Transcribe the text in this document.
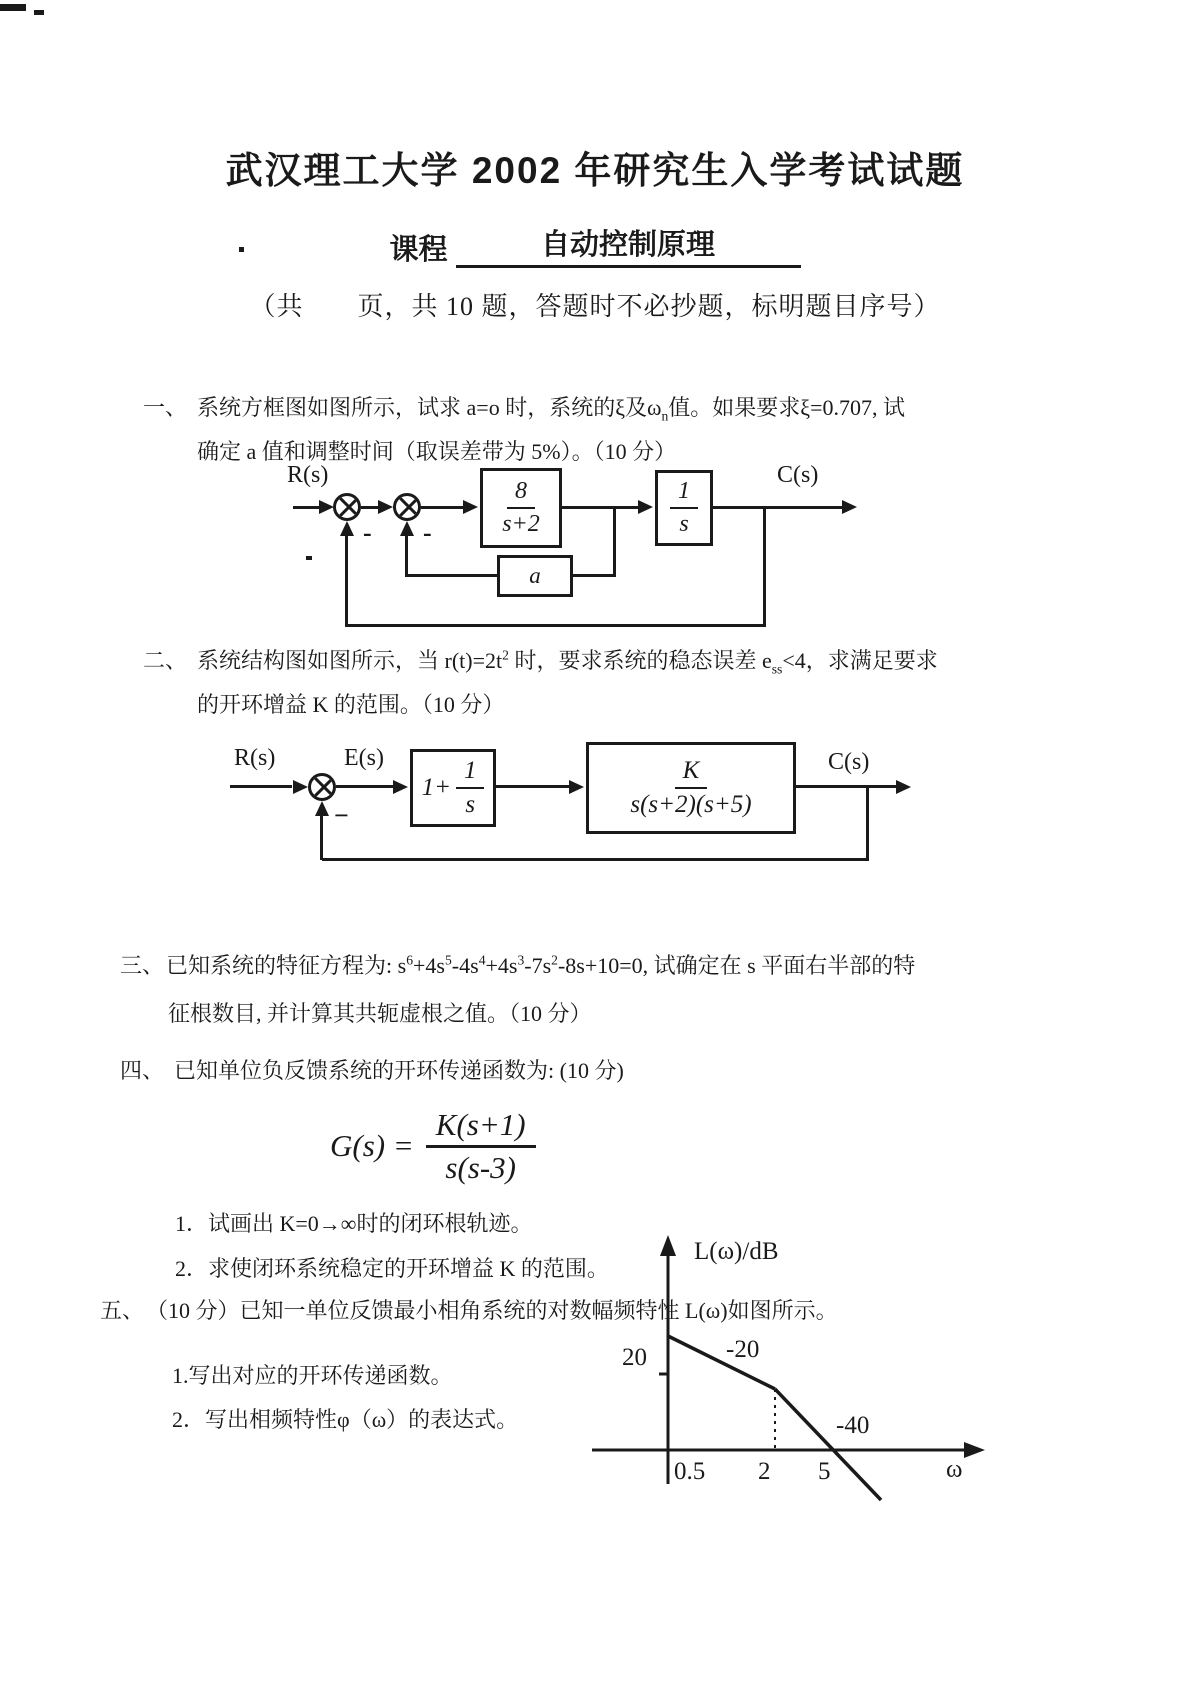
武汉理工大学 2002 年研究生入学考试试题
课程	自动控制原理
（共　　页，共 10 题，答题时不必抄题，标明题目序号）
一、 系统方框图如图所示，试求 a=o 时，系统的ξ及$\omega_n$值。如果要求ξ=0.707, 试
确定 a 值和调整时间（取误差带为 5%）。（10 分）
R(s)
$\frac{8}{s+2}$	$\frac{1}{s}$
C(s)
a
-
-
二、 系统结构图如图所示，当 $r(t)=2t^2$ 时，要求系统的稳态误差 $e_{ss}<4$，求满足要求
的开环增益 K 的范围。（10 分）
R(s)	E(s)
$1+ \frac{1}{s}$	$\frac{K}{s(s+2)(s+5)}$	C(s)
−
三、 已知系统的特征方程为: $s^6+4s^5-4s^4+4s^3-7s^2-8s+10=0$, 试确定在 s 平面右半部的特
征根数目, 并计算其共轭虚根之值。（10 分）
四、 已知单位负反馈系统的开环传递函数为: (10 分)
$G(s) = \frac{K(s+1)}{s(s-3)}$
1．试画出 K=0→∞时的闭环根轨迹。
2．求使闭环系统稳定的开环增益 K 的范围。
五、 （10 分）已知一单位反馈最小相角系统的对数幅频特性 L(ω)如图所示。
1.写出对应的开环传递函数。
2．写出相频特性φ（ω）的表达式。
L(ω)/dB
20	-20
-40
0.5 2 5	ω
